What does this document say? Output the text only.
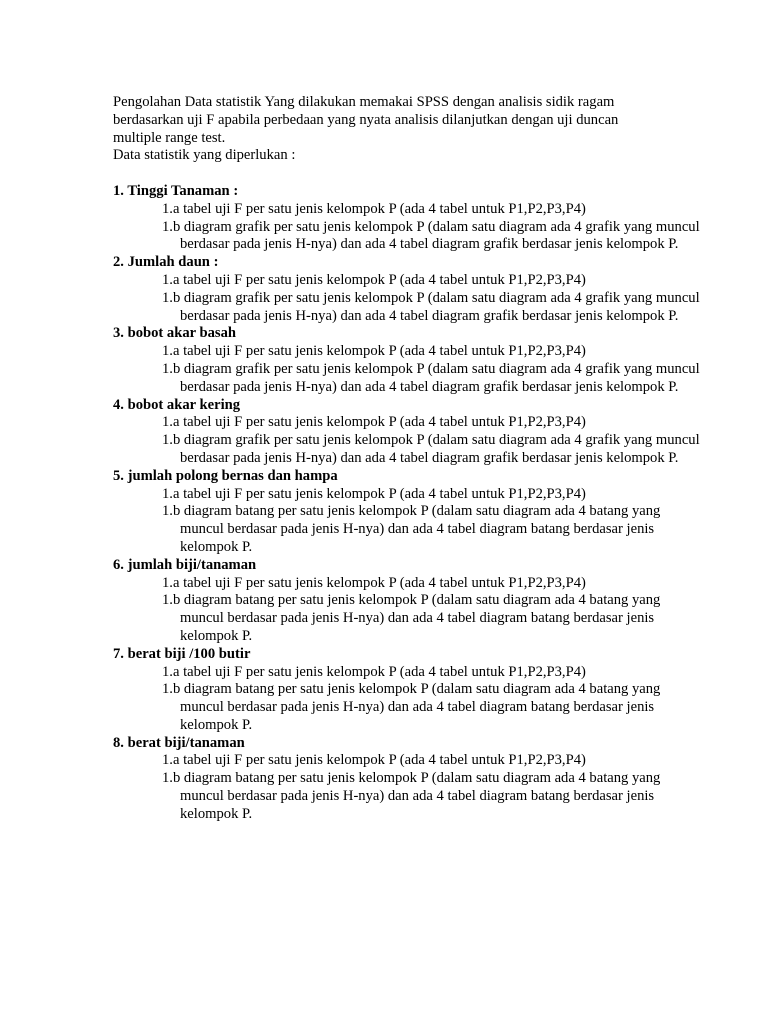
Pengolahan Data statistik Yang dilakukan memakai SPSS dengan analisis sidik ragam
berdasarkan uji F apabila perbedaan yang nyata analisis dilanjutkan dengan uji duncan
multiple range test.
Data statistik yang diperlukan :
1. Tinggi Tanaman :
1.a tabel uji F per satu jenis kelompok P (ada 4 tabel untuk P1,P2,P3,P4)
1.b diagram grafik per satu jenis kelompok P (dalam satu diagram ada 4 grafik yang muncul berdasar pada jenis H-nya) dan ada 4 tabel diagram grafik berdasar jenis kelompok P.
2. Jumlah daun :
1.a tabel uji F per satu jenis kelompok P (ada 4 tabel untuk P1,P2,P3,P4)
1.b diagram grafik per satu jenis kelompok P (dalam satu diagram ada 4 grafik yang muncul berdasar pada jenis H-nya) dan ada 4 tabel diagram grafik berdasar jenis kelompok P.
3. bobot akar basah
1.a tabel uji F per satu jenis kelompok P (ada 4 tabel untuk P1,P2,P3,P4)
1.b diagram grafik per satu jenis kelompok P (dalam satu diagram ada 4 grafik yang muncul berdasar pada jenis H-nya) dan ada 4 tabel diagram grafik berdasar jenis kelompok P.
4. bobot akar kering
1.a tabel uji F per satu jenis kelompok P (ada 4 tabel untuk P1,P2,P3,P4)
1.b diagram grafik per satu jenis kelompok P (dalam satu diagram ada 4 grafik yang muncul berdasar pada jenis H-nya) dan ada 4 tabel diagram grafik berdasar jenis kelompok P.
5. jumlah polong bernas dan hampa
1.a tabel uji F per satu jenis kelompok P (ada 4 tabel untuk P1,P2,P3,P4)
1.b diagram batang per satu jenis kelompok P (dalam satu diagram ada 4 batang yang muncul berdasar pada jenis H-nya) dan ada 4 tabel diagram batang berdasar jenis kelompok P.
6. jumlah biji/tanaman
1.a tabel uji F per satu jenis kelompok P (ada 4 tabel untuk P1,P2,P3,P4)
1.b diagram batang per satu jenis kelompok P (dalam satu diagram ada 4 batang yang muncul berdasar pada jenis H-nya) dan ada 4 tabel diagram batang berdasar jenis kelompok P.
7. berat biji /100 butir
1.a tabel uji F per satu jenis kelompok P (ada 4 tabel untuk P1,P2,P3,P4)
1.b diagram batang per satu jenis kelompok P (dalam satu diagram ada 4 batang yang muncul berdasar pada jenis H-nya) dan ada 4 tabel diagram batang berdasar jenis kelompok P.
8. berat biji/tanaman
1.a tabel uji F per satu jenis kelompok P (ada 4 tabel untuk P1,P2,P3,P4)
1.b diagram batang per satu jenis kelompok P (dalam satu diagram ada 4 batang yang muncul berdasar pada jenis H-nya) dan ada 4 tabel diagram batang berdasar jenis kelompok P.
